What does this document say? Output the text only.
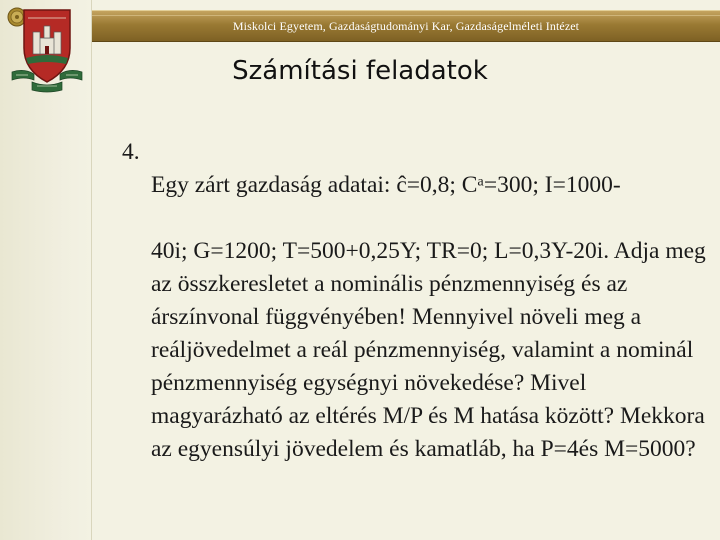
Miskolci Egyetem, Gazdaságtudományi Kar, Gazdaságelméleti Intézet
Számítási feladatok
4.

Egy zárt gazdaság adatai: ĉ=0,8; Cᵃ=300; I=1000-

40i; G=1200; T=500+0,25Y; TR=0; L=0,3Y-20i. Adja meg az összkeresletet a nominális pénzmennyiség és az árszínvonal függvényében! Mennyivel növeli meg a reáljövedelmet a reál pénzmennyiség, valamint a nominál pénzmennyiség egységnyi növekedése? Mivel magyarázható az eltérés M/P és M hatása között? Mekkora az egyensúlyi jövedelem és kamatláb, ha P=4és M=5000?
